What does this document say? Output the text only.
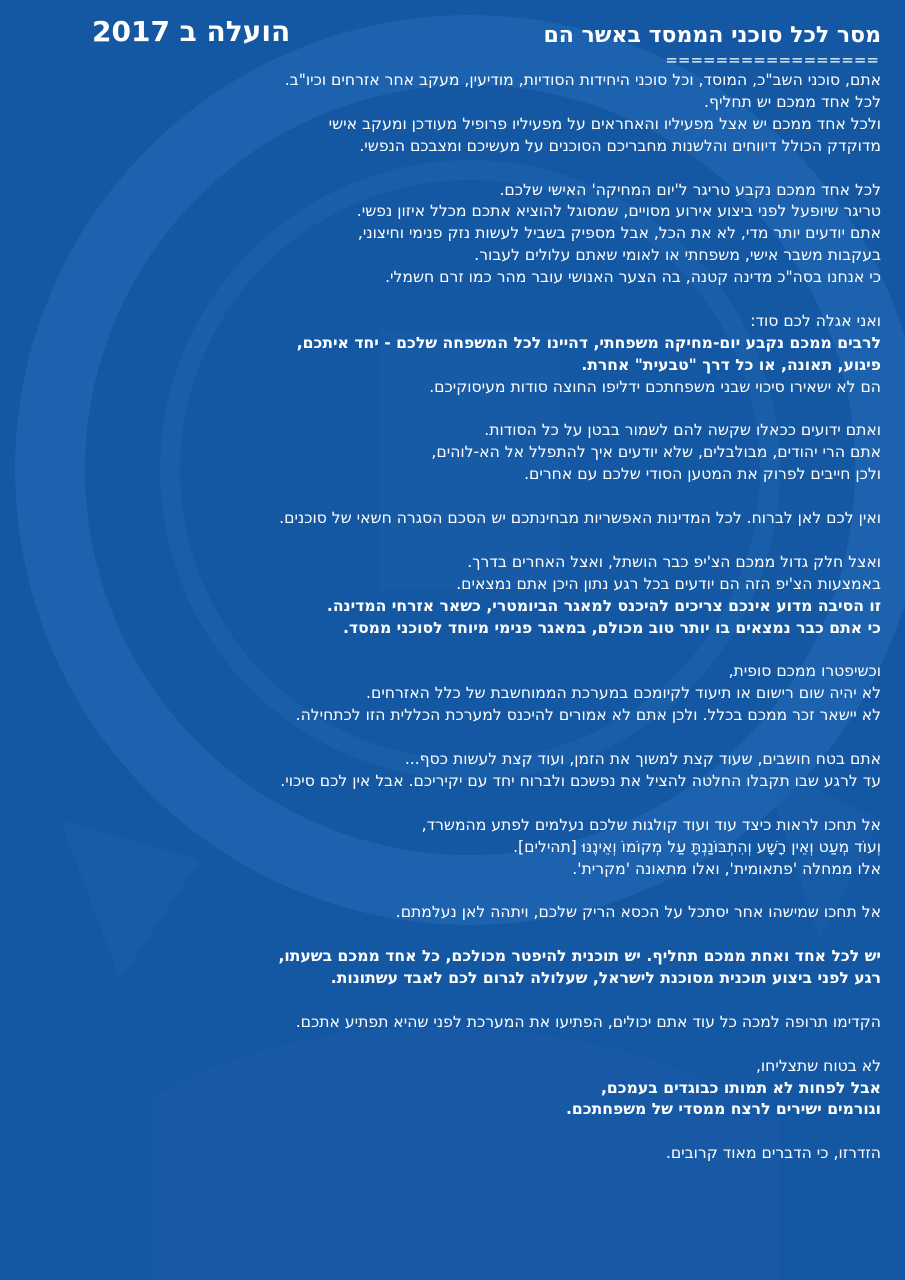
הועלה ב 2017	מסר לכל סוכני הממסד באשר הם
=================
אתם, סוכני השב"כ, המוסד, וכל סוכני היחידות הסודיות, מודיעין, מעקב אחר אזרחים וכיו"ב.
לכל אחד ממכם יש תחליף.
ולכל אחד ממכם יש אצל מפעיליו והאחראים על מפעיליו פרופיל מעודכן ומעקב אישי
מדוקדק הכולל דיווחים והלשנות מחבריכם הסוכנים על מעשיכם ומצבכם הנפשי.
לכל אחד ממכם נקבע טריגר ל'יום המחיקה' האישי שלכם.
טריגר שיופעל לפני ביצוע אירוע מסויים, שמסוגל להוציא אתכם מכלל איזון נפשי.
אתם יודעים יותר מדי, לא את הכל, אבל מספיק בשביל לעשות נזק פנימי וחיצוני,
בעקבות משבר אישי, משפחתי או לאומי שאתם עלולים לעבור.
כי אנחנו בסה"כ מדינה קטנה, בה הצער האנושי עובר מהר כמו זרם חשמלי.
ואני אגלה לכם סוד:
לרבים ממכם נקבע יום-מחיקה משפחתי, דהיינו לכל המשפחה שלכם - יחד איתכם,
פיגוע, תאונה, או כל דרך "טבעית" אחרת.
הם לא ישאירו סיכוי שבני משפחתכם ידליפו החוצה סודות מעיסוקיכם.
ואתם ידועים ככאלו שקשה להם לשמור בבטן על כל הסודות.
אתם הרי יהודים, מבולבלים, שלא יודעים איך להתפלל אל הא-לוהים,
ולכן חייבים לפרוק את המטען הסודי שלכם עם אחרים.
ואין לכם לאן לברוח. לכל המדינות האפשריות מבחינתכם יש הסכם הסגרה חשאי של סוכנים.
ואצל חלק גדול ממכם הצ'יפ כבר הושתל, ואצל האחרים בדרך.
באמצעות הצ'יפ הזה הם יודעים בכל רגע נתון היכן אתם נמצאים.
זו הסיבה מדוע אינכם צריכים להיכנס למאגר הביומטרי, כשאר אזרחי המדינה.
כי אתם כבר נמצאים בו יותר טוב מכולם, במאגר פנימי מיוחד לסוכני ממסד.
וכשיפטרו ממכם סופית,
לא יהיה שום רישום או תיעוד לקיומכם במערכת הממוחשבת של כלל האזרחים.
לא יישאר זכר ממכם בכלל. ולכן אתם לא אמורים להיכנס למערכת הכללית הזו לכתחילה.
אתם בטח חושבים, שעוד קצת למשוך את הזמן, ועוד קצת לעשות כסף...
עד לרגע שבו תקבלו החלטה להציל את נפשכם ולברוח יחד עם יקיריכם. אבל אין לכם סיכוי.
אל תחכו לראות כיצד עוד ועוד קולגות שלכם נעלמים לפתע מהמשרד,
וְעוֹד מְעַט וְאֵין רָשָׁע וְהִתְבּוֹנַנְתָּ עַל מְקוֹמוֹ וְאֵינֶנּוּ [תהילים].
אלו ממחלה 'פתאומית', ואלו מתאונה 'מקרית'.
אל תחכו שמישהו אחר יסתכל על הכסא הריק שלכם, ויתהה לאן נעלמתם.
יש לכל אחד ואחת ממכם תחליף. יש תוכנית להיפטר מכולכם, כל אחד ממכם בשעתו,
רגע לפני ביצוע תוכנית מסוכנת לישראל, שעלולה לגרום לכם לאבד עשתונות.
הקדימו תרופה למכה כל עוד אתם יכולים, הפתיעו את המערכת לפני שהיא תפתיע אתכם.
לא בטוח שתצליחו,
אבל לפחות לא תמותו כבוגדים בעמכם,
וגורמים ישירים לרצח ממסדי של משפחתכם.
הזדרזו, כי הדברים מאוד קרובים.
